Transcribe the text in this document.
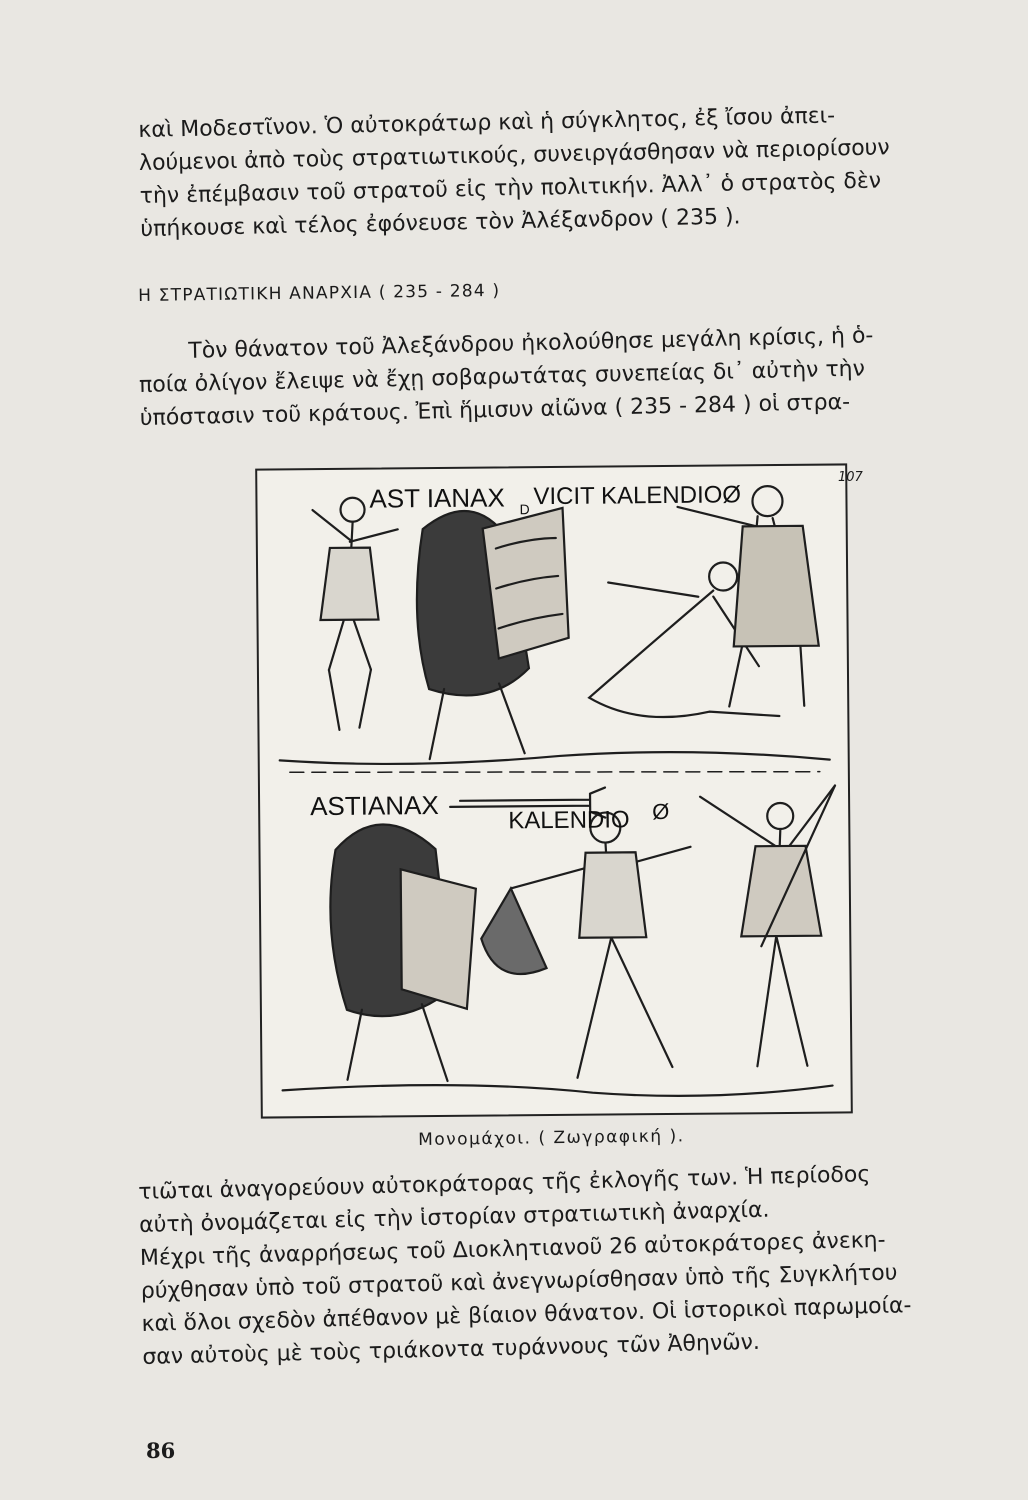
καὶ Μοδεστῖνον. Ὁ αὐτοκράτωρ καὶ ἡ σύγκλητος, ἐξ ἴσου ἀπει-
λούμενοι ἀπὸ τοὺς στρατιωτικούς, συνειργάσθησαν νὰ περιορίσουν
τὴν ἐπέμβασιν τοῦ στρατοῦ εἰς τὴν πολιτικήν. Ἀλλ᾿ ὁ στρατὸς δὲν
ὑπήκουσε καὶ τέλος ἐφόνευσε τὸν Ἀλέξανδρον ( 235 ).

Η ΣΤΡΑΤΙΩΤΙΚΗ ΑΝΑΡΧΙΑ ( 235 - 284 )

Τὸν θάνατον τοῦ Ἀλεξάνδρου ἠκολούθησε μεγάλη κρίσις, ἡ ὁ-
ποία ὀλίγον ἔλειψε νὰ ἔχῃ σοβαρωτάτας συνεπείας δι᾿ αὐτὴν τὴν
ὑπόστασιν τοῦ κράτους. Ἐπὶ ἥμισυν αἰῶνα ( 235 - 284 ) οἱ στρα-

AST IANAX D VICIT KALENDIOØ
ASTIANAX	KALENDIO Ø
107

Μονομάχοι. ( Ζωγραφική ).

τιῶται ἀναγορεύουν αὐτοκράτορας τῆς ἐκλογῆς των. Ἡ περίοδος
αὐτὴ ὀνομάζεται εἰς τὴν ἱστορίαν στρατιωτικὴ ἀναρχία.
Μέχρι τῆς ἀναρρήσεως τοῦ Διοκλητιανοῦ 26 αὐτοκράτορες ἀνεκη-
ρύχθησαν ὑπὸ τοῦ στρατοῦ καὶ ἀνεγνωρίσθησαν ὑπὸ τῆς Συγκλήτου
καὶ ὅλοι σχεδὸν ἀπέθανον μὲ βίαιον θάνατον. Οἱ ἱστορικοὶ παρωμοία-
σαν αὐτοὺς μὲ τοὺς τριάκοντα τυράννους τῶν Ἀθηνῶν.

86
